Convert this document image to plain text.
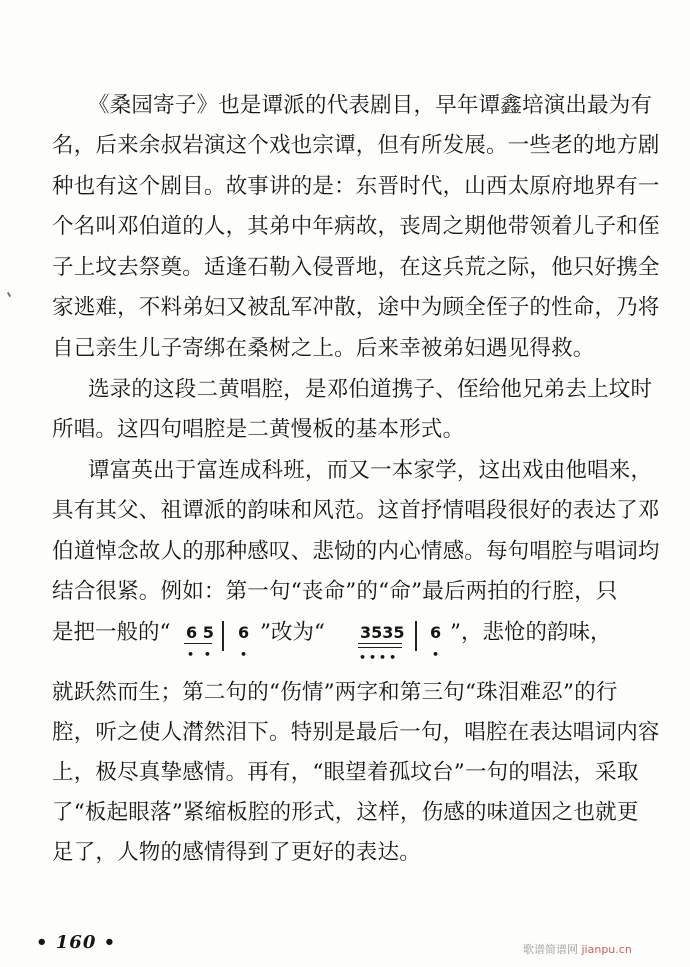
《桑园寄子》也是谭派的代表剧目，早年谭鑫培演出最为有
名，后来余叔岩演这个戏也宗谭，但有所发展。一些老的地方剧
种也有这个剧目。故事讲的是：东晋时代，山西太原府地界有一
个名叫邓伯道的人，其弟中年病故，丧周之期他带领着儿子和侄
子上坟去祭奠。适逢石勒入侵晋地，在这兵荒之际，他只好携全
家逃难，不料弟妇又被乱军冲散，途中为顾全侄子的性命，乃将
自己亲生儿子寄绑在桑树之上。后来幸被弟妇遇见得救。
选录的这段二黄唱腔，是邓伯道携子、侄给他兄弟去上坟时
所唱。这四句唱腔是二黄慢板的基本形式。
谭富英出于富连成科班，而又一本家学，这出戏由他唱来，
具有其父、祖谭派的韵味和风范。这首抒情唱段很好的表达了邓
伯道悼念故人的那种感叹、悲恸的内心情感。每句唱腔与唱词均
结合很紧。例如：第一句“丧命”的“命”最后两拍的行腔，只
是把一般的“ 6 5
• •
6
•
”改为“ 3535
••••
6
•
”，悲怆的韵味，
就跃然而生；第二句的“伤情”两字和第三句“珠泪难忍”的行
腔，听之使人潸然泪下。特别是最后一句，唱腔在表达唱词内容
上，极尽真挚感情。再有，“眼望着孤坟台”一句的唱法，采取
了“板起眼落”紧缩板腔的形式，这样，伤感的味道因之也就更
足了，人物的感情得到了更好的表达。
• 160 •	歌谱简谱网 jianpu.cn
